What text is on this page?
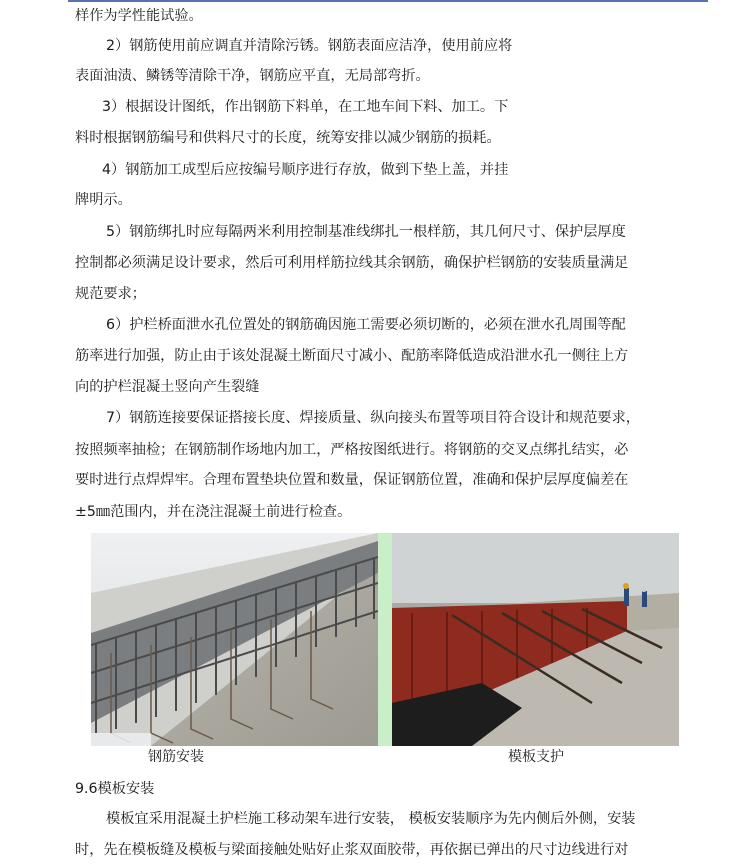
样作为学性能试验。
2）钢筋使用前应调直并清除污锈。钢筋表面应洁净，使用前应将
表面油渍、鳞锈等清除干净，钢筋应平直，无局部弯折。
3）根据设计图纸，作出钢筋下料单，在工地车间下料、加工。下
料时根据钢筋编号和供料尺寸的长度，统筹安排以减少钢筋的损耗。
4）钢筋加工成型后应按编号顺序进行存放，做到下垫上盖，并挂
牌明示。
5）钢筋绑扎时应每隔两米利用控制基准线绑扎一根样筋，其几何尺寸、保护层厚度
控制都必须满足设计要求，然后可利用样筋拉线其余钢筋，确保护栏钢筋的安装质量满足
规范要求；
6）护栏桥面泄水孔位置处的钢筋确因施工需要必须切断的，必须在泄水孔周围等配
筋率进行加强，防止由于该处混凝土断面尺寸减小、配筋率降低造成沿泄水孔一侧往上方
向的护栏混凝土竖向产生裂缝
7）钢筋连接要保证搭接长度、焊接质量、纵向接头布置等项目符合设计和规范要求，
按照频率抽检；在钢筋制作场地内加工，严格按图纸进行。将钢筋的交叉点绑扎结实，必
要时进行点焊焊牢。合理布置垫块位置和数量，保证钢筋位置，准确和保护层厚度偏差在
±5㎜范围内，并在浇注混凝土前进行检查。
钢筋安装	模板支护
9.6模板安装
模板宜采用混凝土护栏施工移动架车进行安装， 模板安装顺序为先内侧后外侧，安装
时，先在模板缝及模板与梁面接触处贴好止浆双面胶带，再依据已弹出的尺寸边线进行对
